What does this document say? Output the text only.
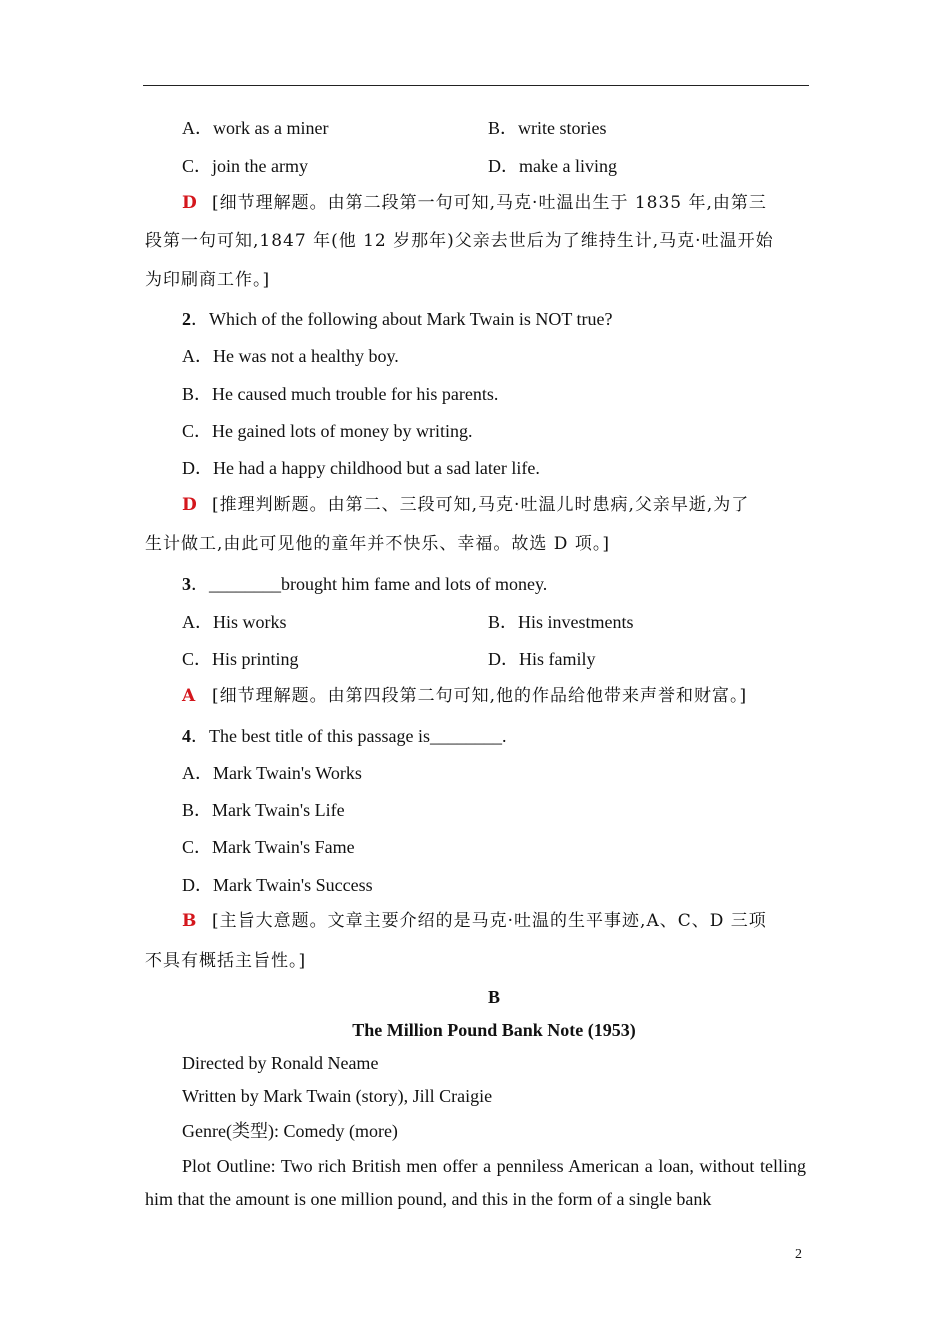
A．work as a miner	B．write stories
C．join the army	D．make a living
D [细节理解题。由第二段第一句可知,马克·吐温出生于 1835 年,由第三
段第一句可知,1847 年(他 12 岁那年)父亲去世后为了维持生计,马克·吐温开始
为印刷商工作。]
2．Which of the following about Mark Twain is NOT true?
A．He was not a healthy boy.
B．He caused much trouble for his parents.
C．He gained lots of money by writing.
D．He had a happy childhood but a sad later life.
D [推理判断题。由第二、三段可知,马克·吐温儿时患病,父亲早逝,为了
生计做工,由此可见他的童年并不快乐、幸福。故选 D 项。]
3．________brought him fame and lots of money.
A．His works	B．His investments
C．His printing	D．His family
A [细节理解题。由第四段第二句可知,他的作品给他带来声誉和财富。]
4．The best title of this passage is________.
A．Mark Twain's Works
B．Mark Twain's Life
C．Mark Twain's Fame
D．Mark Twain's Success
B [主旨大意题。文章主要介绍的是马克·吐温的生平事迹,A、C、D 三项
不具有概括主旨性。]
B
The Million Pound Bank Note (1953)
Directed by Ronald Neame
Written by Mark Twain (story), Jill Craigie
Genre(类型): Comedy (more)
Plot Outline: Two rich British men offer a penniless American a loan, without telling him that the amount is one million pound, and this in the form of a single bank
2
